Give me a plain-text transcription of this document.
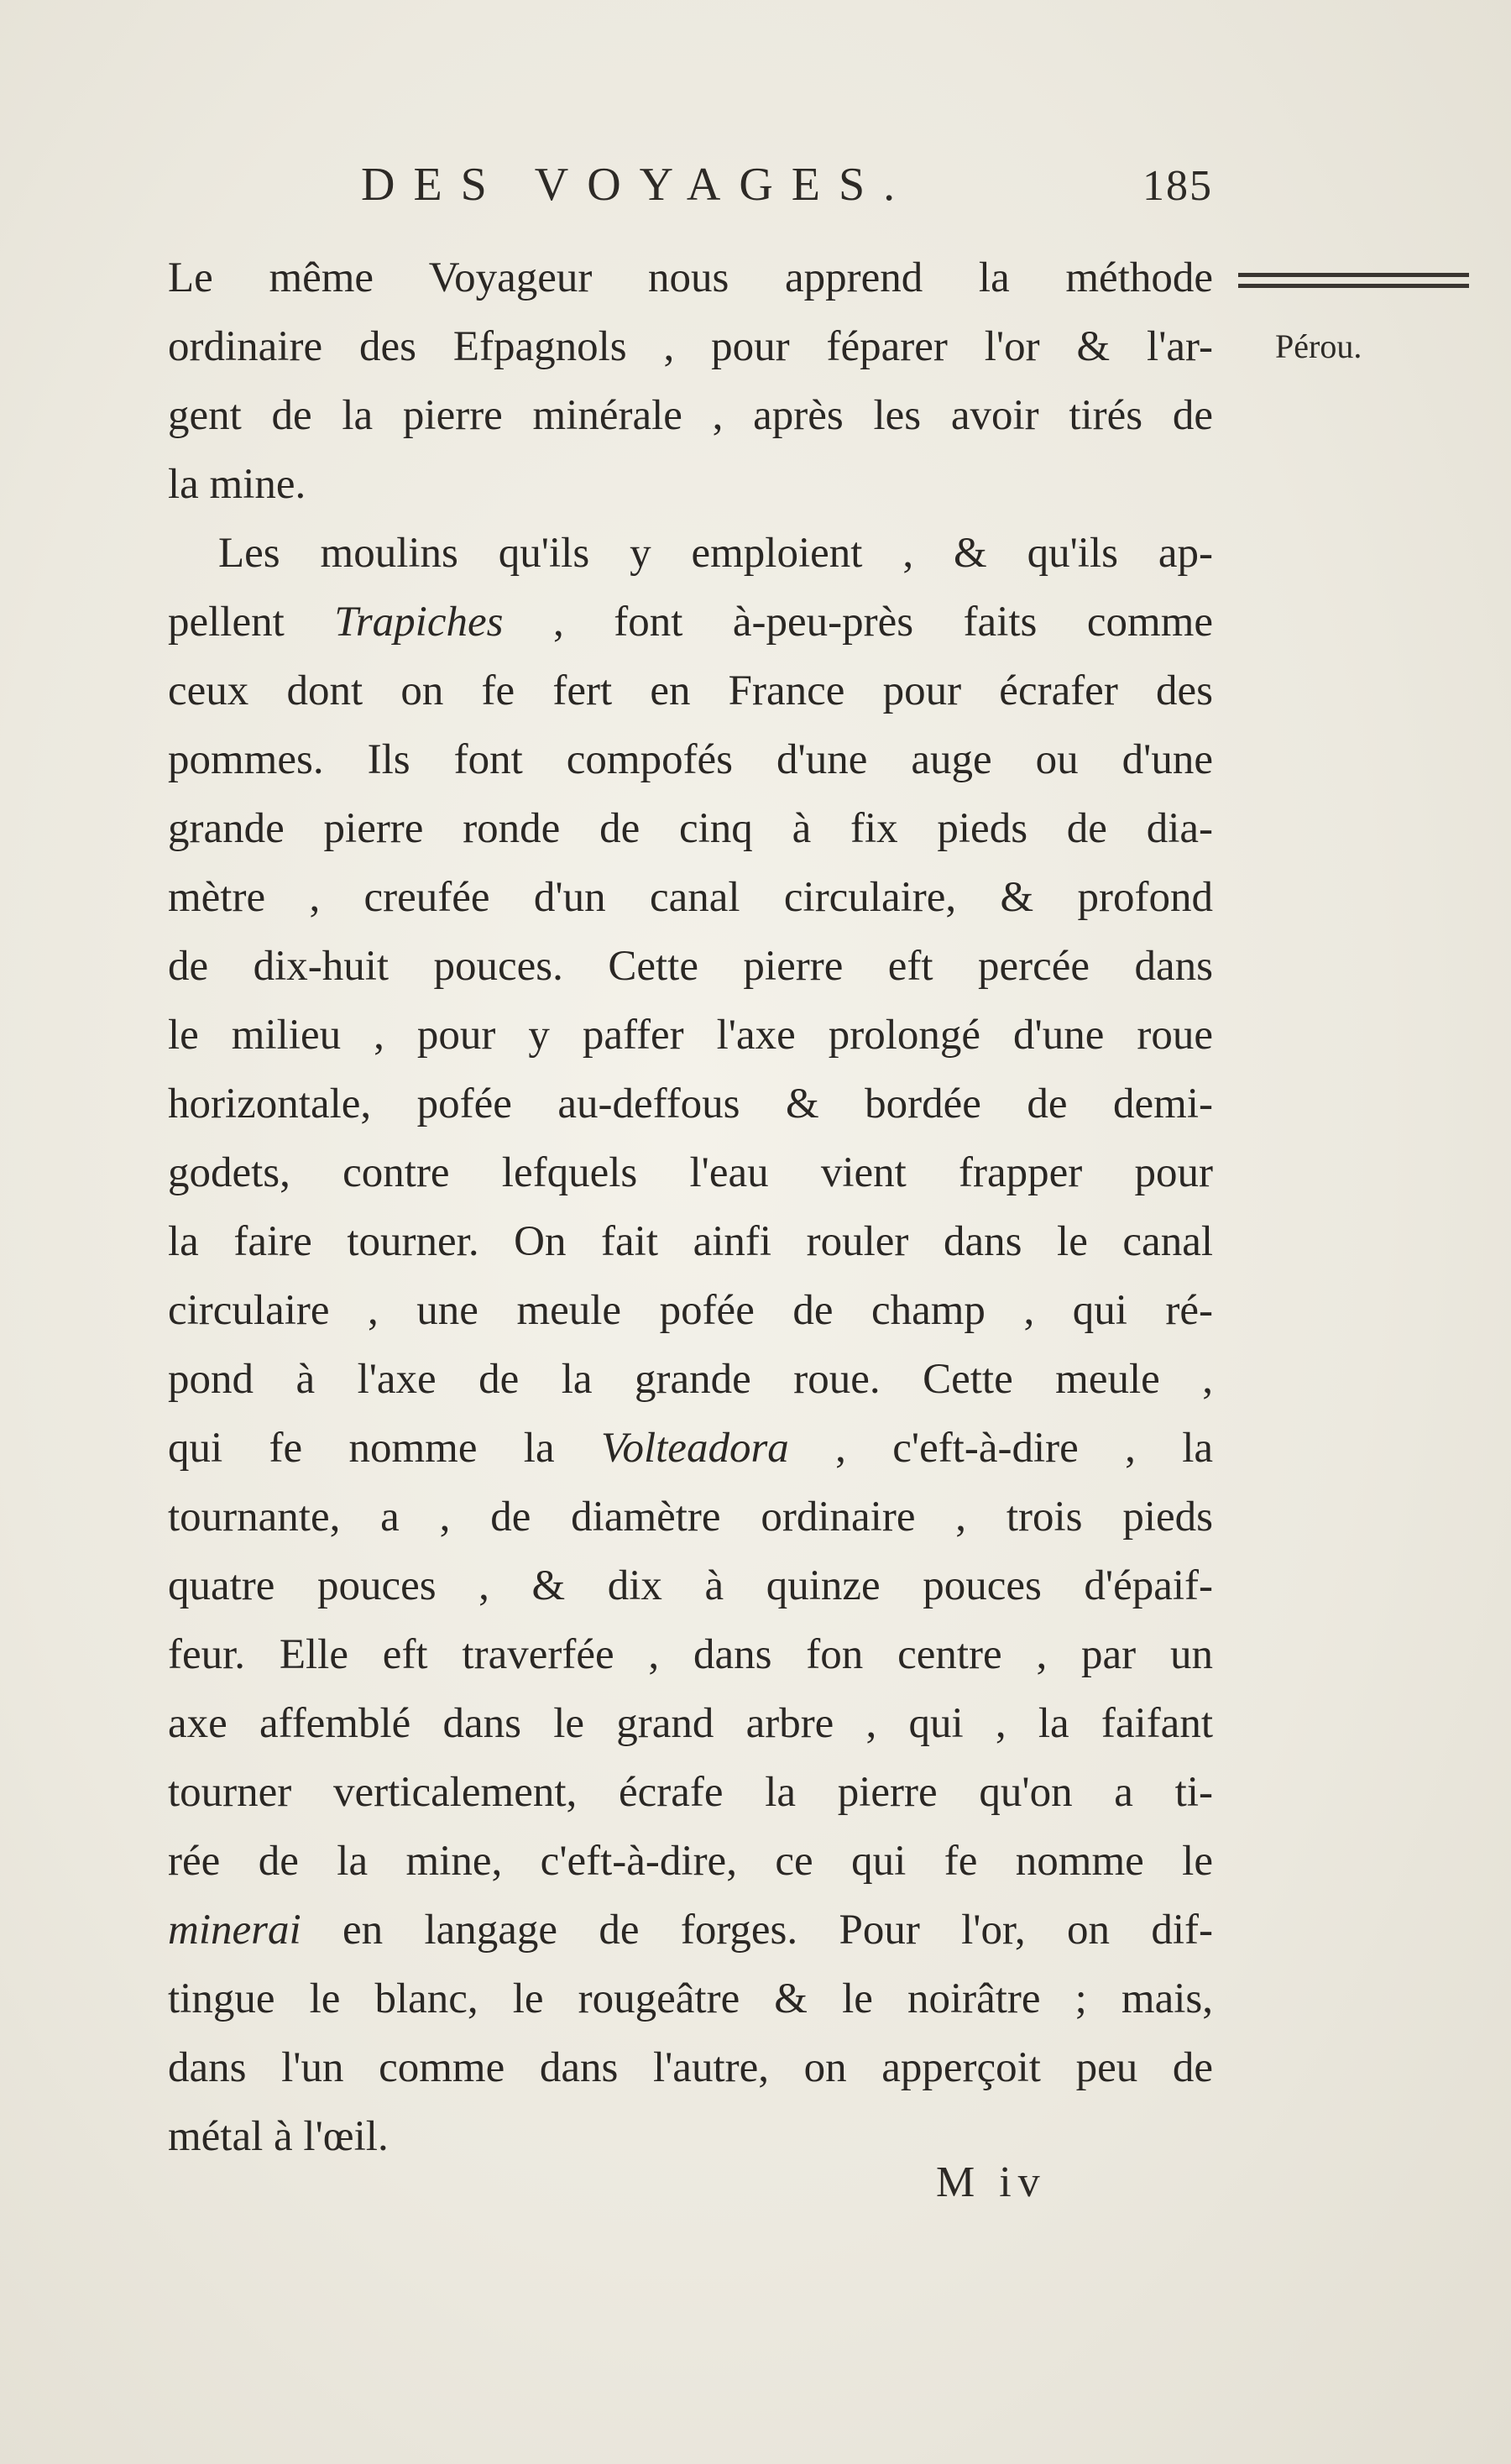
DES VOYAGES.	185
Pérou.
Le même Voyageur nous apprend la méthode
ordinaire des Efpagnols , pour féparer l'or & l'ar-
gent de la pierre minérale , après les avoir tirés de
la mine.
Les moulins qu'ils y emploient , & qu'ils ap-
pellent Trapiches , font à-peu-près faits comme
ceux dont on fe fert en France pour écrafer des
pommes. Ils font compofés d'une auge ou d'une
grande pierre ronde de cinq à fix pieds de dia-
mètre , creufée d'un canal circulaire, & profond
de dix-huit pouces. Cette pierre eft percée dans
le milieu , pour y paffer l'axe prolongé d'une roue
horizontale, pofée au-deffous & bordée de demi-
godets, contre lefquels l'eau vient frapper pour
la faire tourner. On fait ainfi rouler dans le canal
circulaire , une meule pofée de champ , qui ré-
pond à l'axe de la grande roue. Cette meule ,
qui fe nomme la Volteadora , c'eft-à-dire , la
tournante, a , de diamètre ordinaire , trois pieds
quatre pouces , & dix à quinze pouces d'épaif-
feur. Elle eft traverfée , dans fon centre , par un
axe affemblé dans le grand arbre , qui , la faifant
tourner verticalement, écrafe la pierre qu'on a ti-
rée de la mine, c'eft-à-dire, ce qui fe nomme le
minerai en langage de forges. Pour l'or, on dif-
tingue le blanc, le rougeâtre & le noirâtre ; mais,
dans l'un comme dans l'autre, on apperçoit peu de
métal à l'œil.
M iv
